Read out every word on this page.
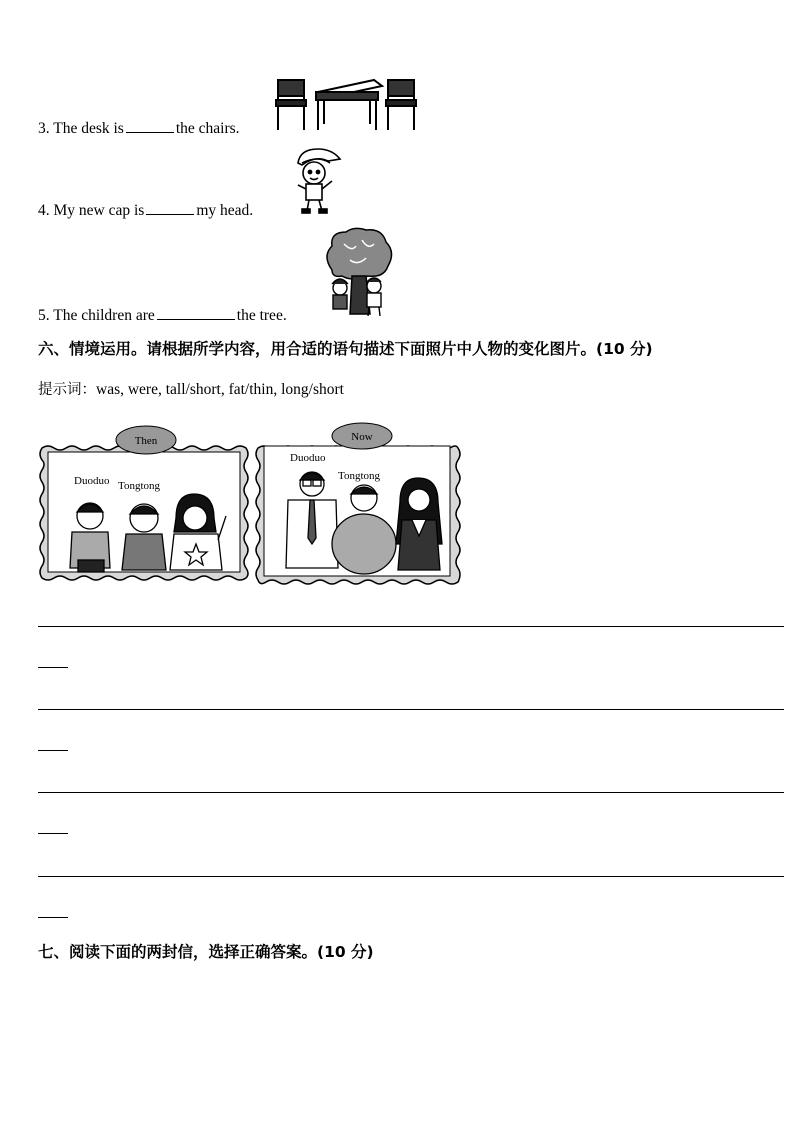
3. The desk is	the chairs.
4. My new cap is	my head.
5. The children are	the tree.
六、情境运用。请根据所学内容，用合适的语句描述下面照片中人物的变化图片。(10 分)
提示词：was, were, tall/short, fat/thin, long/short
Then
Duoduo Tongtong
Now
Duoduo
Tongtong
七、阅读下面的两封信，选择正确答案。(10 分)
